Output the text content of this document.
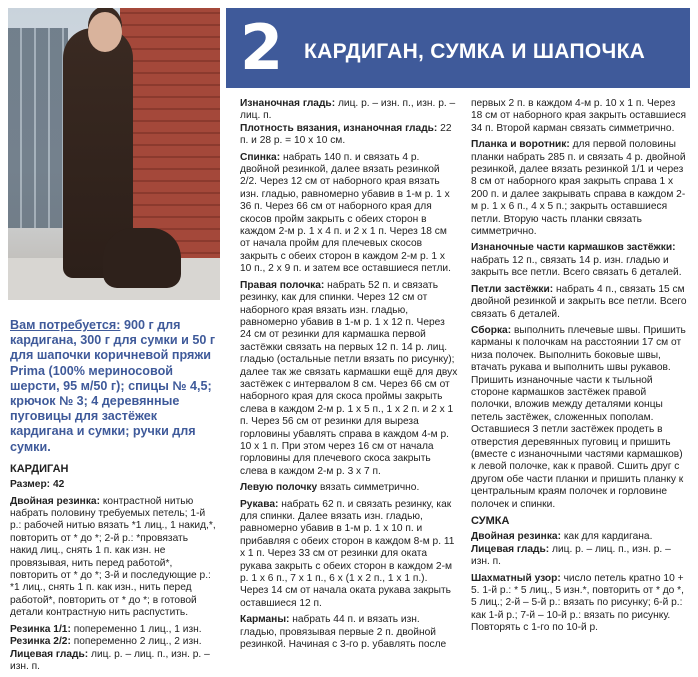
2 КАРДИГАН, СУМКА И ШАПОЧКА

Вам потребуется: 900 г для кардигана, 300 г для сумки и 50 г для шапочки коричневой пряжи Prima (100% мериносовой шерсти, 95 м/50 г); спицы № 4,5; крючок № 3; 4 деревянные пуговицы для застёжек кардигана и сумки; ручки для сумки.

КАРДИГАН

Размер: 42

Двойная резинка: контрастной нитью набрать половину требуемых петель; 1-й р.: рабочей нитью вязать *1 лиц., 1 накид,*, повторить от * до *; 2-й р.: *провязать накид лиц., снять 1 п. как изн. не провязывая, нить перед работой*, повторить от * до *; 3-й и последующие р.: *1 лиц., снять 1 п. как изн., нить перед работой*, повторить от * до *; в готовой детали контрастную нить распустить.

Резинка 1/1: попеременно 1 лиц., 1 изн.
Резинка 2/2: попеременно 2 лиц., 2 изн.
Лицевая гладь: лиц. р. – лиц. п., изн. р. – изн. п.

Изнаночная гладь: лиц. р. – изн. п., изн. р. – лиц. п.
Плотность вязания, изнаночная гладь: 22 п. и 28 р. = 10 х 10 см.

Спинка: набрать 140 п. и связать 4 р. двойной резинкой, далее вязать резинкой 2/2. Через 12 см от наборного края вязать изн. гладью, равномерно убавив в 1-м р. 1 х 36 п. Через 66 см от наборного края для скосов пройм закрыть с обеих сторон в каждом 2-м р. 1 х 4 п. и 2 х 1 п. Через 18 см от начала пройм для плечевых скосов закрыть с обеих сторон в каждом 2-м р. 1 х 10 п., 2 х 9 п. и затем все оставшиеся петли.

Правая полочка: набрать 52 п. и связать резинку, как для спинки. Через 12 см от наборного края вязать изн. гладью, равномерно убавив в 1-м р. 1 х 12 п. Через 24 см от резинки для кармашка первой застёжки связать на первых 12 п. 14 р. лиц. гладью (остальные петли вязать по рисунку); далее так же связать кармашки ещё для двух застёжек с интервалом 8 см. Через 66 см от наборного края для скоса проймы закрыть слева в каждом 2-м р. 1 х 5 п., 1 х 2 п. и 2 х 1 п. Через 56 см от резинки для выреза горловины убавлять справа в каждом 4-м р. 10 х 1 п. При этом через 16 см от начала горловины для плечевого скоса закрыть слева в каждом 2-м р. 3 х 7 п.

Левую полочку вязать симметрично.

Рукава: набрать 62 п. и связать резинку, как для спинки. Далее вязать изн. гладью, равномерно убавив в 1-м р. 1 х 10 п. и прибавляя с обеих сторон в каждом 8-м р. 11 х 1 п. Через 33 см от резинки для оката рукава закрыть с обеих сторон в каждом 2-м р. 1 х 6 п., 7 х 1 п., 6 х (1 х 2 п., 1 х 1 п.). Через 14 см от начала оката рукава закрыть оставшиеся 12 п.

Карманы: набрать 44 п. и вязать изн. гладью, провязывая первые 2 п. двойной резинкой. Начиная с 3-го р. убавлять после

первых 2 п. в каждом 4-м р. 10 х 1 п. Через 18 см от наборного края закрыть оставшиеся 34 п. Второй карман связать симметрично.

Планка и воротник: для первой половины планки набрать 285 п. и связать 4 р. двойной резинкой, далее вязать резинкой 1/1 и через 8 см от наборного края закрыть справа 1 х 200 п. и далее закрывать справа в каждом 2-м р. 1 х 6 п., 4 х 5 п.; закрыть оставшиеся петли. Вторую часть планки связать симметрично.

Изнаночные части кармашков застёжки: набрать 12 п., связать 14 р. изн. гладью и закрыть все петли. Всего связать 6 деталей.

Петли застёжки: набрать 4 п., связать 15 см двойной резинкой и закрыть все петли. Всего связать 6 деталей.

Сборка: выполнить плечевые швы. Пришить карманы к полочкам на расстоянии 17 см от низа полочек. Выполнить боковые швы, втачать рукава и выполнить швы рукавов. Пришить изнаночные части к тыльной стороне кармашков застёжек правой полочки, вложив между деталями концы петель застёжек, сложенных пополам. Оставшиеся 3 петли застёжек продеть в отверстия деревянных пуговиц и пришить (вместе с изнаночными частями кармашков) к левой полочке, как к правой. Сшить друг с другом обе части планки и пришить планку к центральным краям полочек и горловине полочек и спинки.

СУМКА

Двойная резинка: как для кардигана.
Лицевая гладь: лиц. р. – лиц. п., изн. р. – изн. п.

Шахматный узор: число петель кратно 10 + 5. 1-й р.: * 5 лиц., 5 изн.*, повторить от * до *, 5 лиц.; 2-й – 5-й р.: вязать по рисунку; 6-й р.: как 1-й р.; 7-й – 10-й р.: вязать по рисунку. Повторять с 1-го по 10-й р.
